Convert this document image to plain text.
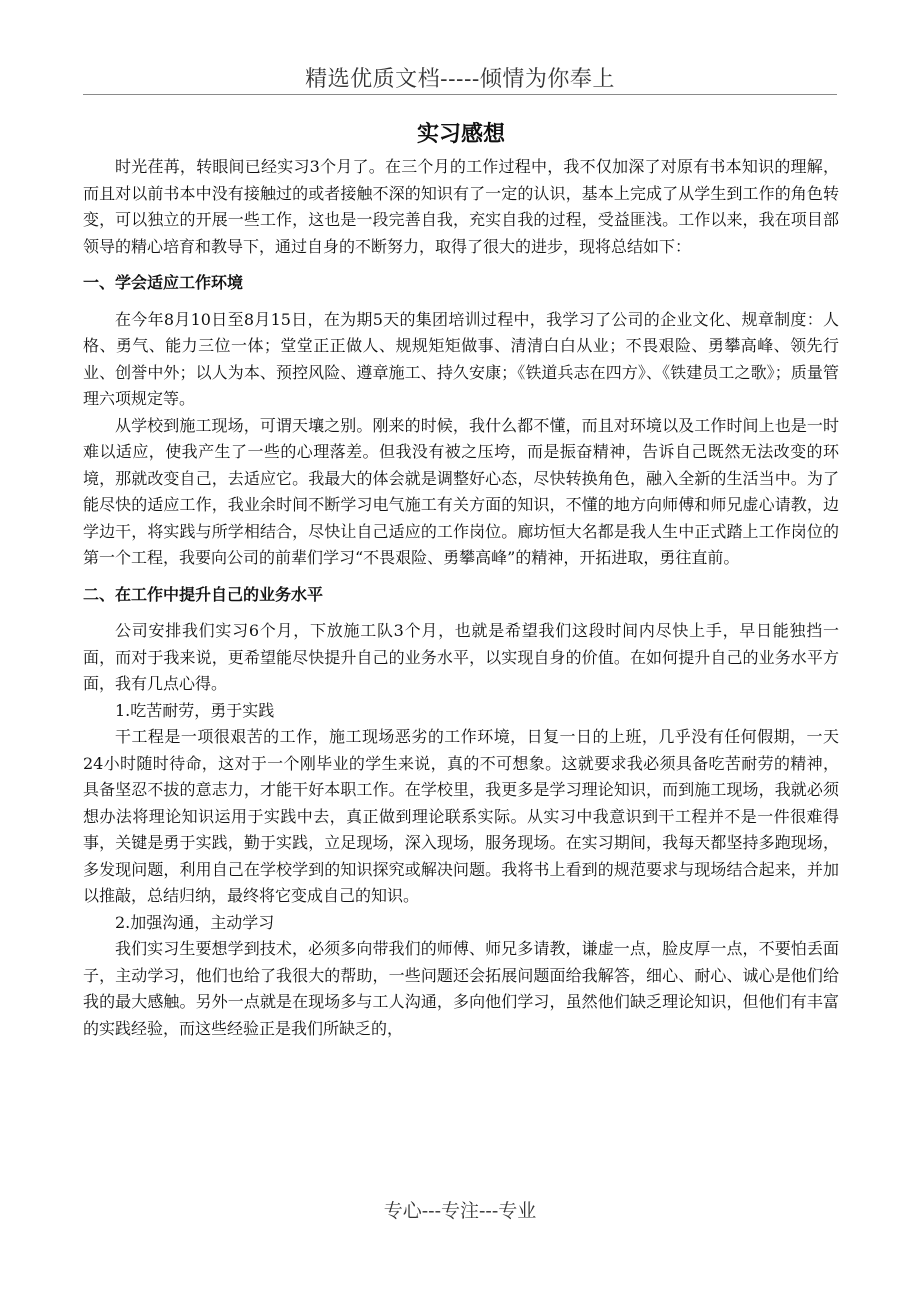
精选优质文档-----倾情为你奉上
实习感想

时光荏苒，转眼间已经实习3个月了。在三个月的工作过程中，我不仅加深了对原有书本知识的理解，而且对以前书本中没有接触过的或者接触不深的知识有了一定的认识，基本上完成了从学生到工作的角色转变，可以独立的开展一些工作，这也是一段完善自我，充实自我的过程，受益匪浅。工作以来，我在项目部领导的精心培育和教导下，通过自身的不断努力，取得了很大的进步，现将总结如下：

一、学会适应工作环境

在今年8月10日至8月15日，在为期5天的集团培训过程中，我学习了公司的企业文化、规章制度：人格、勇气、能力三位一体；堂堂正正做人、规规矩矩做事、清清白白从业；不畏艰险、勇攀高峰、领先行业、创誉中外；以人为本、预控风险、遵章施工、持久安康；《铁道兵志在四方》、《铁建员工之歌》；质量管理六项规定等。

从学校到施工现场，可谓天壤之别。刚来的时候，我什么都不懂，而且对环境以及工作时间上也是一时难以适应，使我产生了一些的心理落差。但我没有被之压垮，而是振奋精神，告诉自己既然无法改变的环境，那就改变自己，去适应它。我最大的体会就是调整好心态，尽快转换角色，融入全新的生活当中。为了能尽快的适应工作，我业余时间不断学习电气施工有关方面的知识，不懂的地方向师傅和师兄虚心请教，边学边干，将实践与所学相结合，尽快让自己适应的工作岗位。廊坊恒大名都是我人生中正式踏上工作岗位的第一个工程，我要向公司的前辈们学习“不畏艰险、勇攀高峰”的精神，开拓进取，勇往直前。

二、在工作中提升自己的业务水平

公司安排我们实习6个月，下放施工队3个月，也就是希望我们这段时间内尽快上手，早日能独挡一面，而对于我来说，更希望能尽快提升自己的业务水平，以实现自身的价值。在如何提升自己的业务水平方面，我有几点心得。

1.吃苦耐劳，勇于实践

干工程是一项很艰苦的工作，施工现场恶劣的工作环境，日复一日的上班，几乎没有任何假期，一天24小时随时待命，这对于一个刚毕业的学生来说，真的不可想象。这就要求我必须具备吃苦耐劳的精神，具备坚忍不拔的意志力，才能干好本职工作。在学校里，我更多是学习理论知识，而到施工现场，我就必须想办法将理论知识运用于实践中去，真正做到理论联系实际。从实习中我意识到干工程并不是一件很难得事，关键是勇于实践，勤于实践，立足现场，深入现场，服务现场。在实习期间，我每天都坚持多跑现场，多发现问题，利用自己在学校学到的知识探究或解决问题。我将书上看到的规范要求与现场结合起来，并加以推敲，总结归纳，最终将它变成自己的知识。

2.加强沟通，主动学习

我们实习生要想学到技术，必须多向带我们的师傅、师兄多请教，谦虚一点，脸皮厚一点，不要怕丢面子，主动学习，他们也给了我很大的帮助，一些问题还会拓展问题面给我解答，细心、耐心、诚心是他们给我的最大感触。另外一点就是在现场多与工人沟通，多向他们学习，虽然他们缺乏理论知识，但他们有丰富的实践经验，而这些经验正是我们所缺乏的，

专心---专注---专业
